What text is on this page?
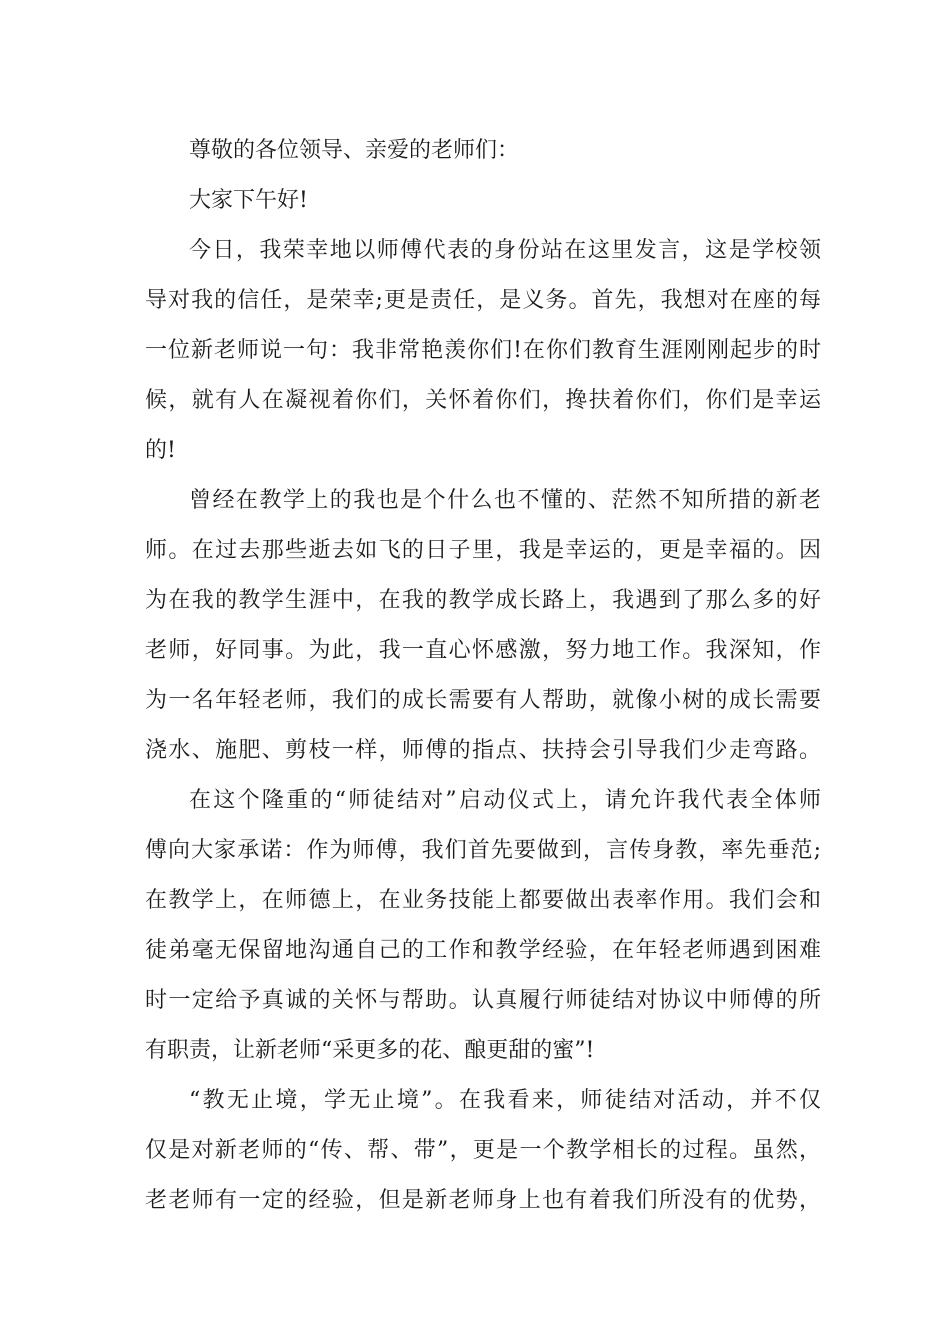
尊敬的各位领导、亲爱的老师们：
大家下午好!
今日，我荣幸地以师傅代表的身份站在这里发言，这是学校领
导对我的信任，是荣幸;更是责任，是义务。首先，我想对在座的每
一位新老师说一句：我非常艳羡你们!在你们教育生涯刚刚起步的时
候，就有人在凝视着你们，关怀着你们，搀扶着你们，你们是幸运
的!
曾经在教学上的我也是个什么也不懂的、茫然不知所措的新老
师。在过去那些逝去如飞的日子里，我是幸运的，更是幸福的。因
为在我的教学生涯中，在我的教学成长路上，我遇到了那么多的好
老师，好同事。为此，我一直心怀感激，努力地工作。我深知，作
为一名年轻老师，我们的成长需要有人帮助，就像小树的成长需要
浇水、施肥、剪枝一样，师傅的指点、扶持会引导我们少走弯路。
在这个隆重的“师徒结对”启动仪式上，请允许我代表全体师
傅向大家承诺：作为师傅，我们首先要做到，言传身教，率先垂范;
在教学上，在师德上，在业务技能上都要做出表率作用。我们会和
徒弟毫无保留地沟通自己的工作和教学经验，在年轻老师遇到困难
时一定给予真诚的关怀与帮助。认真履行师徒结对协议中师傅的所
有职责，让新老师“采更多的花、酿更甜的蜜”!
“教无止境，学无止境”。在我看来，师徒结对活动，并不仅
仅是对新老师的“传、帮、带”，更是一个教学相长的过程。虽然，
老老师有一定的经验，但是新老师身上也有着我们所没有的优势，
